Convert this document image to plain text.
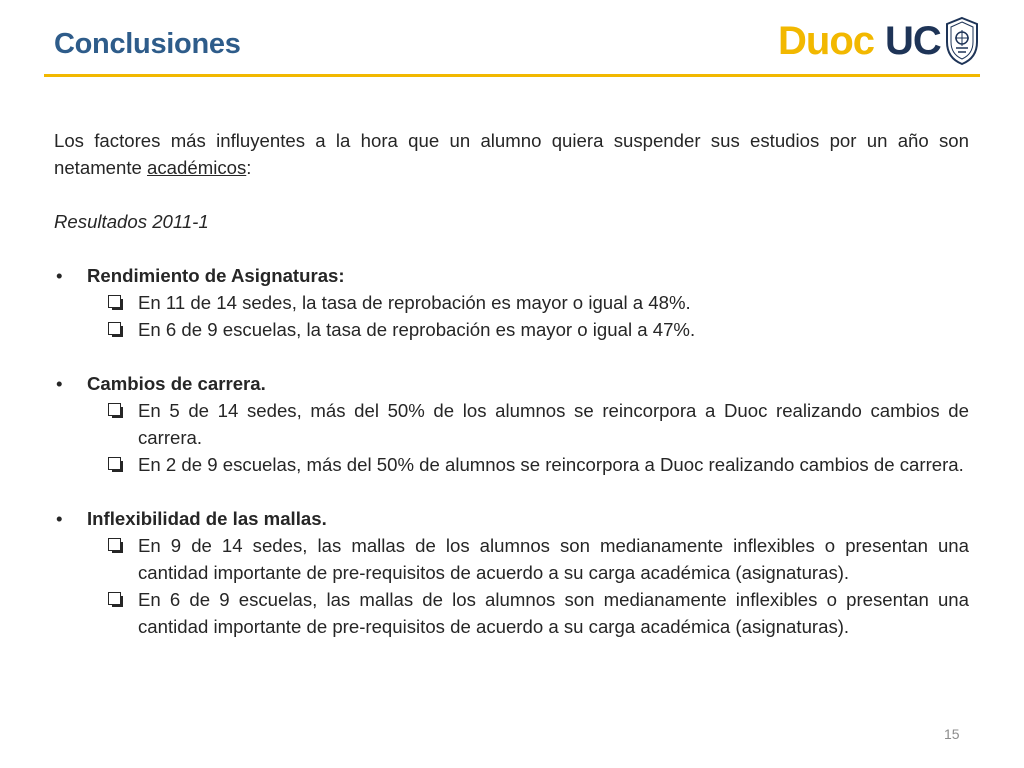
Conclusiones	Duoc UC

Los factores más influyentes a la hora que un alumno quiera suspender sus estudios por un año son netamente académicos:

Resultados 2011-1
• Rendimiento de Asignaturas:
En 11 de 14 sedes, la tasa de reprobación es mayor o igual a 48%.
En 6 de 9 escuelas, la tasa de reprobación es mayor o igual a 47%.
• Cambios de carrera.
En 5 de 14 sedes, más del 50% de los alumnos se reincorpora a Duoc realizando cambios de carrera.
En 2 de 9 escuelas, más del 50% de alumnos se reincorpora a Duoc realizando cambios de carrera.
• Inflexibilidad de las mallas.
En 9 de 14 sedes, las mallas de los alumnos son medianamente inflexibles o presentan una cantidad importante de pre-requisitos de acuerdo a su carga académica (asignaturas).
En 6 de 9 escuelas, las mallas de los alumnos son medianamente inflexibles o presentan una cantidad importante de pre-requisitos de acuerdo a su carga académica (asignaturas).
15
